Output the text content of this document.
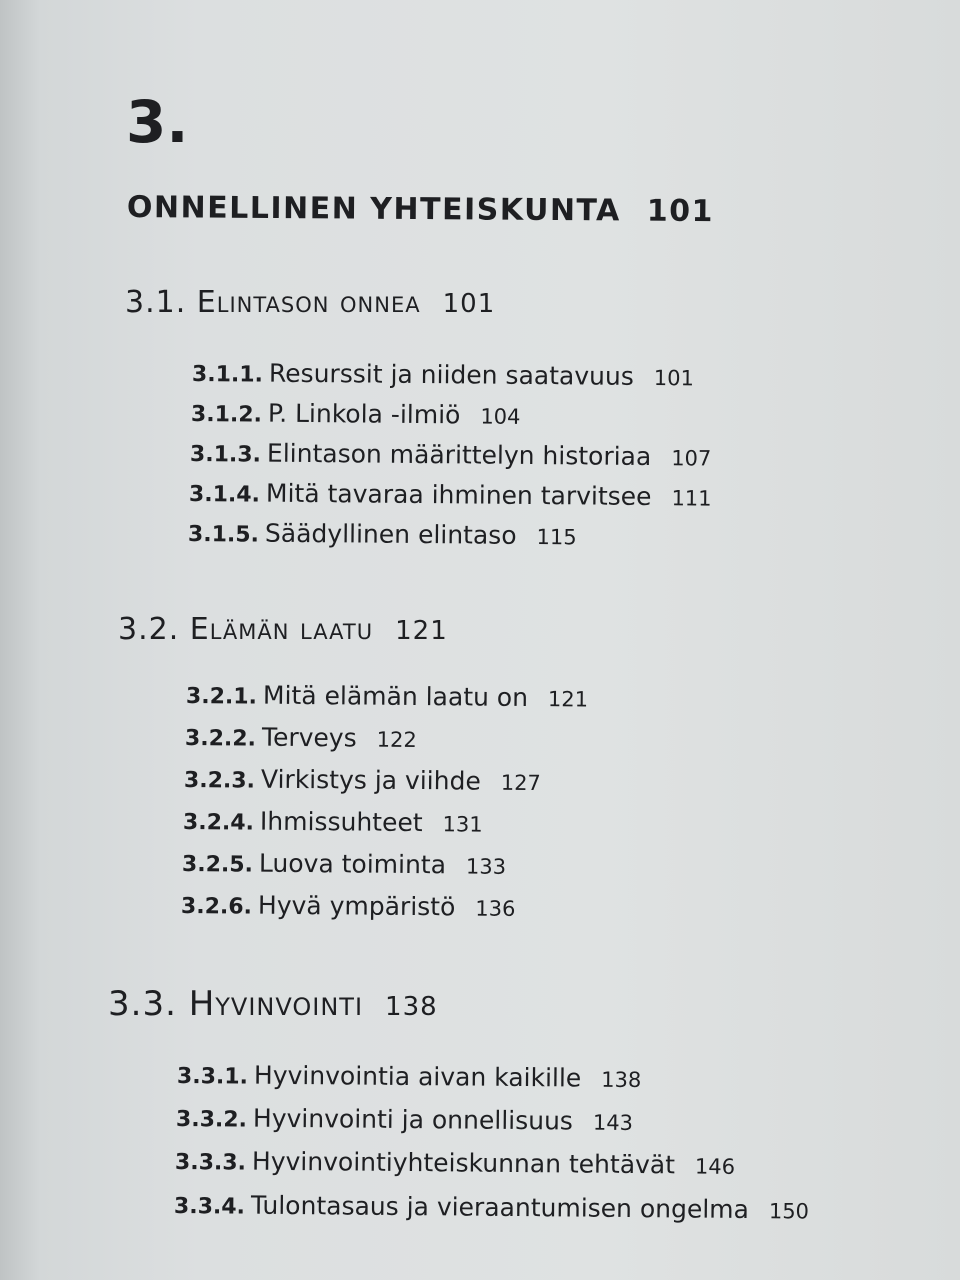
3.
ONNELLINEN YHTEISKUNTA 101
3.1. Elintason onnea 101
3.1.1. Resurssit ja niiden saatavuus 101
3.1.2. P. Linkola -ilmiö 104
3.1.3. Elintason määrittelyn historiaa 107
3.1.4. Mitä tavaraa ihminen tarvitsee 111
3.1.5. Säädyllinen elintaso 115
3.2. Elämän laatu 121
3.2.1. Mitä elämän laatu on 121
3.2.2. Terveys 122
3.2.3. Virkistys ja viihde 127
3.2.4. Ihmissuhteet 131
3.2.5. Luova toiminta 133
3.2.6. Hyvä ympäristö 136
3.3. Hyvinvointi 138
3.3.1. Hyvinvointia aivan kaikille 138
3.3.2. Hyvinvointi ja onnellisuus 143
3.3.3. Hyvinvointiyhteiskunnan tehtävät 146
3.3.4. Tulontasaus ja vieraantumisen ongelma 150
